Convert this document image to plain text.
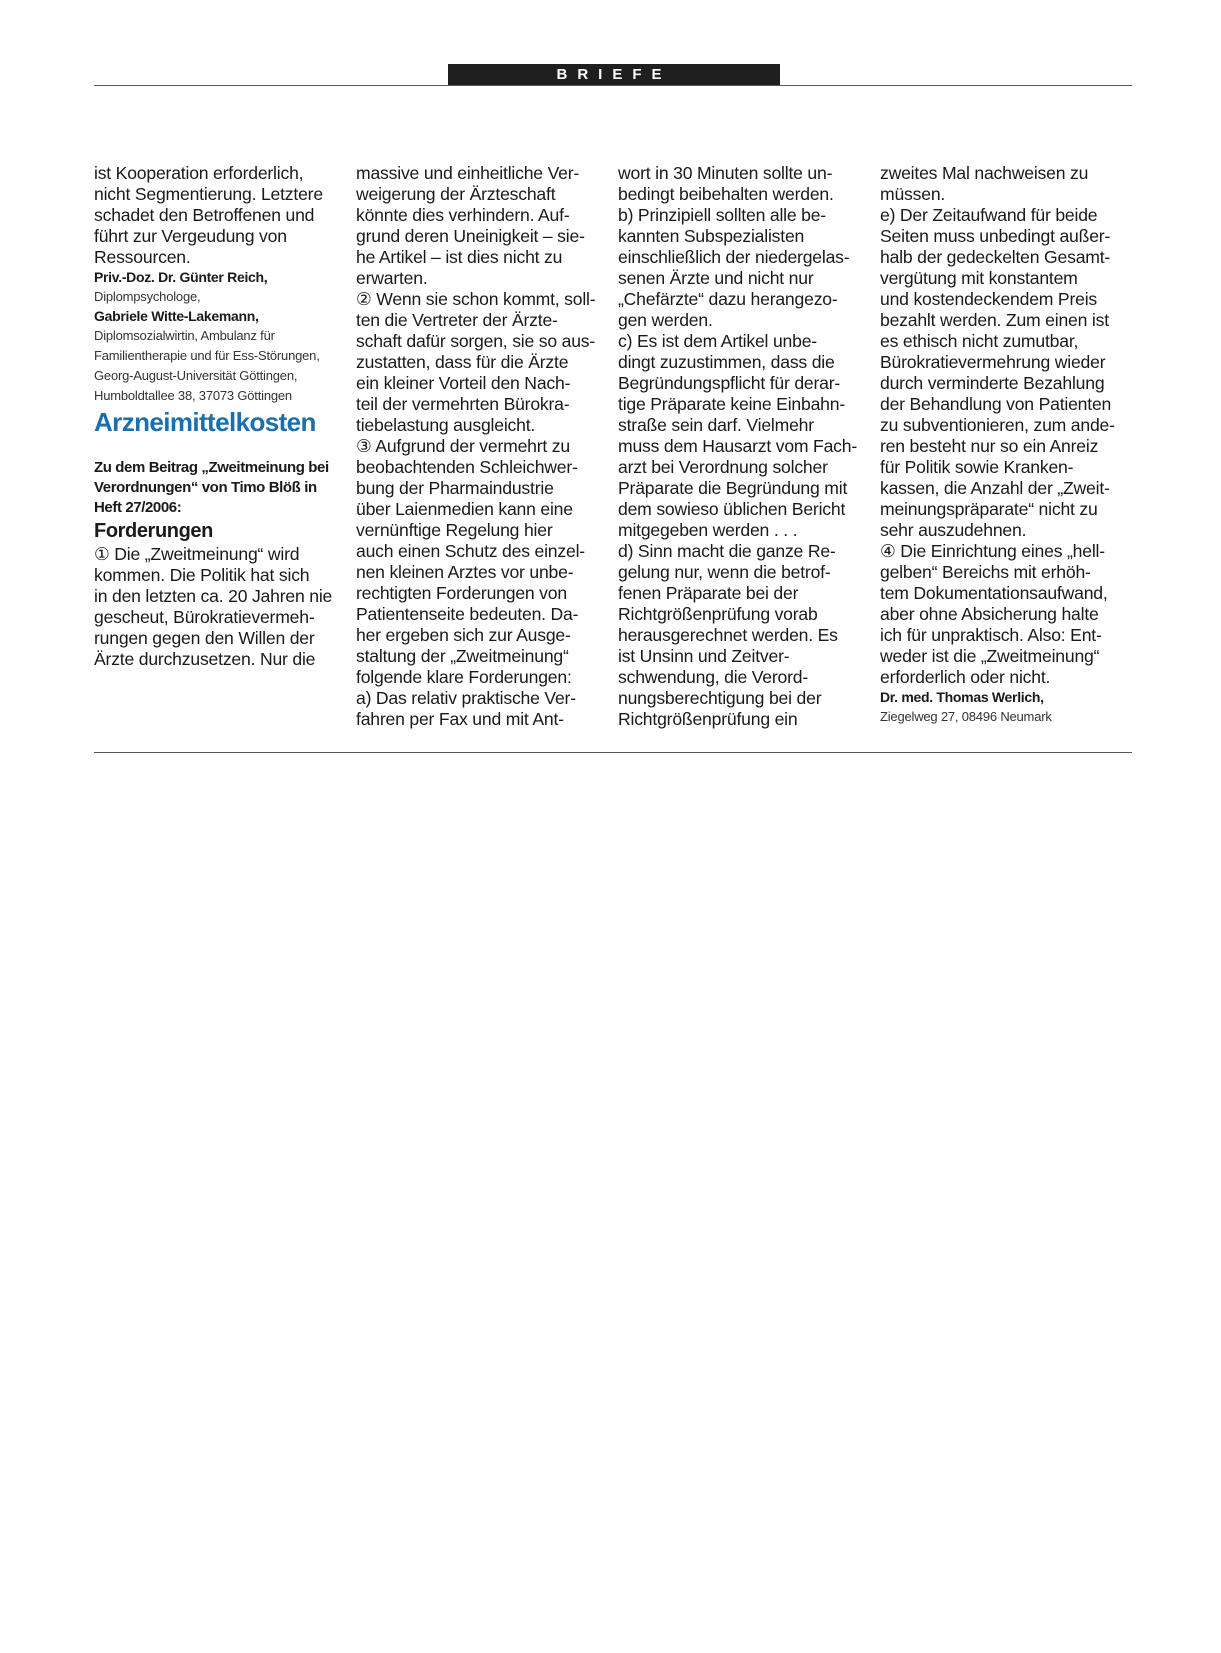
BRIEFE

ist Kooperation erforderlich,

nicht Segmentierung. Letztere

schadet den Betroffenen und

führt zur Vergeudung von

Ressourcen.

Priv.-Doz. Dr. Günter Reich,

Diplompsychologe,

Gabriele Witte-Lakemann,

Diplomsozialwirtin, Ambulanz für

Familientherapie und für Ess-Störungen,

Georg-August-Universität Göttingen,

Humboldtallee 38, 37073 Göttingen

Arzneimittelkosten

Zu dem Beitrag „Zweitmeinung bei

Verordnungen“ von Timo Blöß in

Heft 27/2006:

Forderungen

① Die „Zweitmeinung“ wird

kommen. Die Politik hat sich

in den letzten ca. 20 Jahren nie

gescheut, Bürokratievermeh-

rungen gegen den Willen der

Ärzte durchzusetzen. Nur die

massive und einheitliche Ver-

weigerung der Ärzteschaft

könnte dies verhindern. Auf-

grund deren Uneinigkeit – sie-

he Artikel – ist dies nicht zu

erwarten.

② Wenn sie schon kommt, soll-

ten die Vertreter der Ärzte-

schaft dafür sorgen, sie so aus-

zustatten, dass für die Ärzte

ein kleiner Vorteil den Nach-

teil der vermehrten Bürokra-

tiebelastung ausgleicht.

③ Aufgrund der vermehrt zu

beobachtenden Schleichwer-

bung der Pharmaindustrie

über Laienmedien kann eine

vernünftige Regelung hier

auch einen Schutz des einzel-

nen kleinen Arztes vor unbe-

rechtigten Forderungen von

Patientenseite bedeuten. Da-

her ergeben sich zur Ausge-

staltung der „Zweitmeinung“

folgende klare Forderungen:

a) Das relativ praktische Ver-

fahren per Fax und mit Ant-

wort in 30 Minuten sollte un-

bedingt beibehalten werden.

b) Prinzipiell sollten alle be-

kannten Subspezialisten

einschließlich der niedergelas-

senen Ärzte und nicht nur

„Chefärzte“ dazu herangezo-

gen werden.

c) Es ist dem Artikel unbe-

dingt zuzustimmen, dass die

Begründungspflicht für derar-

tige Präparate keine Einbahn-

straße sein darf. Vielmehr

muss dem Hausarzt vom Fach-

arzt bei Verordnung solcher

Präparate die Begründung mit

dem sowieso üblichen Bericht

mitgegeben werden . . .

d) Sinn macht die ganze Re-

gelung nur, wenn die betrof-

fenen Präparate bei der

Richtgrößenprüfung vorab

herausgerechnet werden. Es

ist Unsinn und Zeitver-

schwendung, die Verord-

nungsberechtigung bei der

Richtgrößenprüfung ein

zweites Mal nachweisen zu

müssen.

e) Der Zeitaufwand für beide

Seiten muss unbedingt außer-

halb der gedeckelten Gesamt-

vergütung mit konstantem

und kostendeckendem Preis

bezahlt werden. Zum einen ist

es ethisch nicht zumutbar,

Bürokratievermehrung wieder

durch verminderte Bezahlung

der Behandlung von Patienten

zu subventionieren, zum ande-

ren besteht nur so ein Anreiz

für Politik sowie Kranken-

kassen, die Anzahl der „Zweit-

meinungspräparate“ nicht zu

sehr auszudehnen.

④ Die Einrichtung eines „hell-

gelben“ Bereichs mit erhöh-

tem Dokumentationsaufwand,

aber ohne Absicherung halte

ich für unpraktisch. Also: Ent-

weder ist die „Zweitmeinung“

erforderlich oder nicht.

Dr. med. Thomas Werlich,

Ziegelweg 27, 08496 Neumark
